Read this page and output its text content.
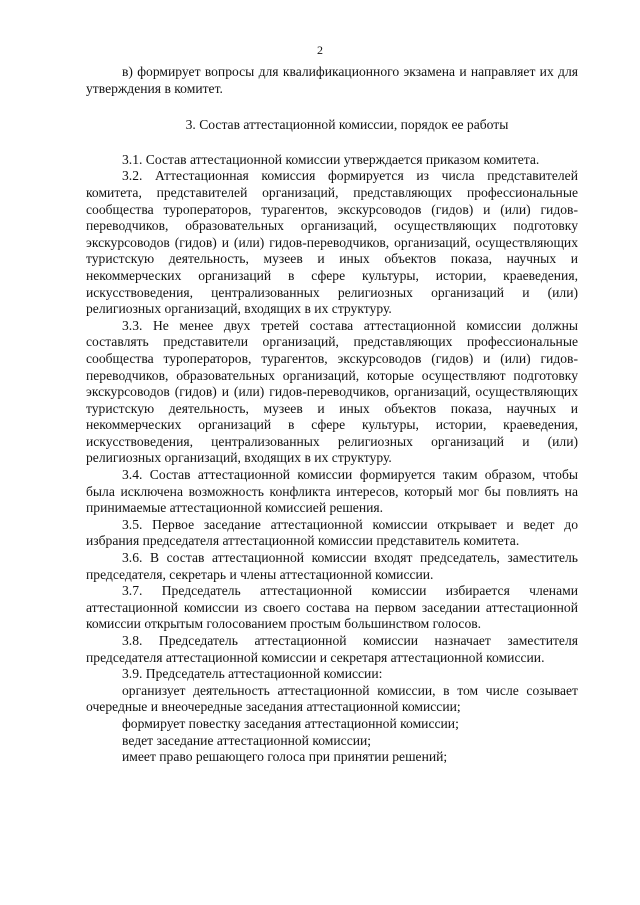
2

в) формирует вопросы для квалификационного экзамена и направляет их для утверждения в комитет.

3. Состав аттестационной комиссии, порядок ее работы

3.1. Состав аттестационной комиссии утверждается приказом комитета.

3.2. Аттестационная комиссия формируется из числа представителей комитета, представителей организаций, представляющих профессиональные сообщества туроператоров, турагентов, экскурсоводов (гидов) и (или) гидов-переводчиков, образовательных организаций, осуществляющих подготовку экскурсоводов (гидов) и (или) гидов-переводчиков, организаций, осуществляющих туристскую деятельность, музеев и иных объектов показа, научных и некоммерческих организаций в сфере культуры, истории, краеведения, искусствоведения, централизованных религиозных организаций и (или) религиозных организаций, входящих в их структуру.

3.3. Не менее двух третей состава аттестационной комиссии должны составлять представители организаций, представляющих профессиональные сообщества туроператоров, турагентов, экскурсоводов (гидов) и (или) гидов-переводчиков, образовательных организаций, которые осуществляют подготовку экскурсоводов (гидов) и (или) гидов-переводчиков, организаций, осуществляющих туристскую деятельность, музеев и иных объектов показа, научных и некоммерческих организаций в сфере культуры, истории, краеведения, искусствоведения, централизованных религиозных организаций и (или) религиозных организаций, входящих в их структуру.

3.4. Состав аттестационной комиссии формируется таким образом, чтобы была исключена возможность конфликта интересов, который мог бы повлиять на принимаемые аттестационной комиссией решения.

3.5. Первое заседание аттестационной комиссии открывает и ведет до избрания председателя аттестационной комиссии представитель комитета.

3.6. В состав аттестационной комиссии входят председатель, заместитель председателя, секретарь и члены аттестационной комиссии.

3.7. Председатель аттестационной комиссии избирается членами аттестационной комиссии из своего состава на первом заседании аттестационной комиссии открытым голосованием простым большинством голосов.

3.8. Председатель аттестационной комиссии назначает заместителя председателя аттестационной комиссии и секретаря аттестационной комиссии.

3.9. Председатель аттестационной комиссии:

организует деятельность аттестационной комиссии, в том числе созывает очередные и внеочередные заседания аттестационной комиссии;

формирует повестку заседания аттестационной комиссии;

ведет заседание аттестационной комиссии;

имеет право решающего голоса при принятии решений;
